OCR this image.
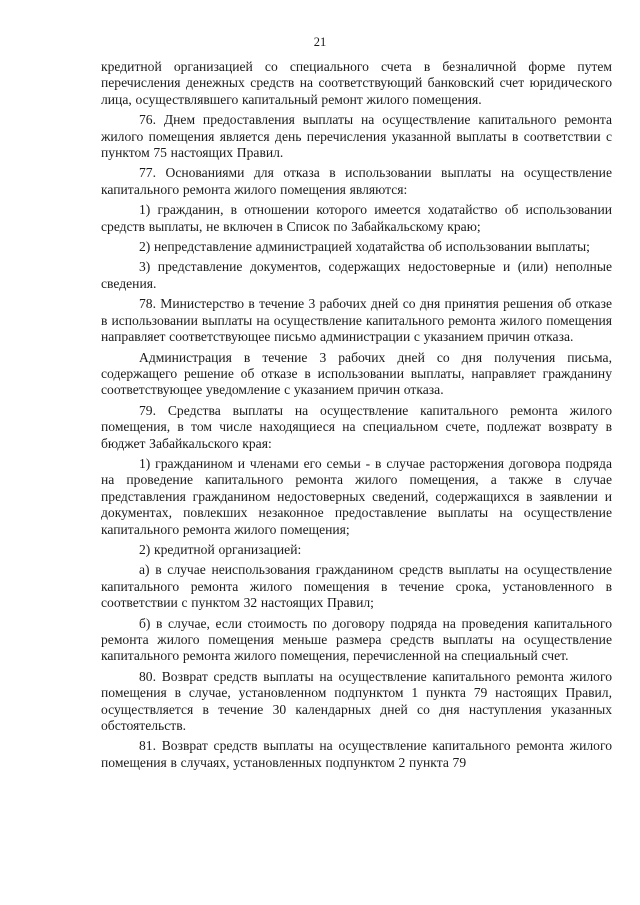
21

кредитной организацией со специального счета в безналичной форме путем перечисления денежных средств на соответствующий банковский счет юридического лица, осуществлявшего капитальный ремонт жилого помещения.

76. Днем предоставления выплаты на осуществление капитального ремонта жилого помещения является день перечисления указанной выплаты в соответствии с пунктом 75 настоящих Правил.

77. Основаниями для отказа в использовании выплаты на осуществление капитального ремонта жилого помещения являются:

1) гражданин, в отношении которого имеется ходатайство об использовании средств выплаты, не включен в Список по Забайкальскому краю;

2) непредставление администрацией ходатайства об использовании выплаты;

3) представление документов, содержащих недостоверные и (или) неполные сведения.

78. Министерство в течение 3 рабочих дней со дня принятия решения об отказе в использовании выплаты на осуществление капитального ремонта жилого помещения направляет соответствующее письмо администрации с указанием причин отказа.

Администрация в течение 3 рабочих дней со дня получения письма, содержащего решение об отказе в использовании выплаты, направляет гражданину соответствующее уведомление с указанием причин отказа.

79. Средства выплаты на осуществление капитального ремонта жилого помещения, в том числе находящиеся на специальном счете, подлежат возврату в бюджет Забайкальского края:

1) гражданином и членами его семьи - в случае расторжения договора подряда на проведение капитального ремонта жилого помещения, а также в случае представления гражданином недостоверных сведений, содержащихся в заявлении и документах, повлекших незаконное предоставление выплаты на осуществление капитального ремонта жилого помещения;

2) кредитной организацией:

а) в случае неиспользования гражданином средств выплаты на осуществление капитального ремонта жилого помещения в течение срока, установленного в соответствии с пунктом 32 настоящих Правил;

б) в случае, если стоимость по договору подряда на проведения капитального ремонта жилого помещения меньше размера средств выплаты на осуществление капитального ремонта жилого помещения, перечисленной на специальный счет.

80. Возврат средств выплаты на осуществление капитального ремонта жилого помещения в случае, установленном подпунктом 1 пункта 79 настоящих Правил, осуществляется в течение 30 календарных дней со дня наступления указанных обстоятельств.

81. Возврат средств выплаты на осуществление капитального ремонта жилого помещения в случаях, установленных подпунктом 2 пункта 79
